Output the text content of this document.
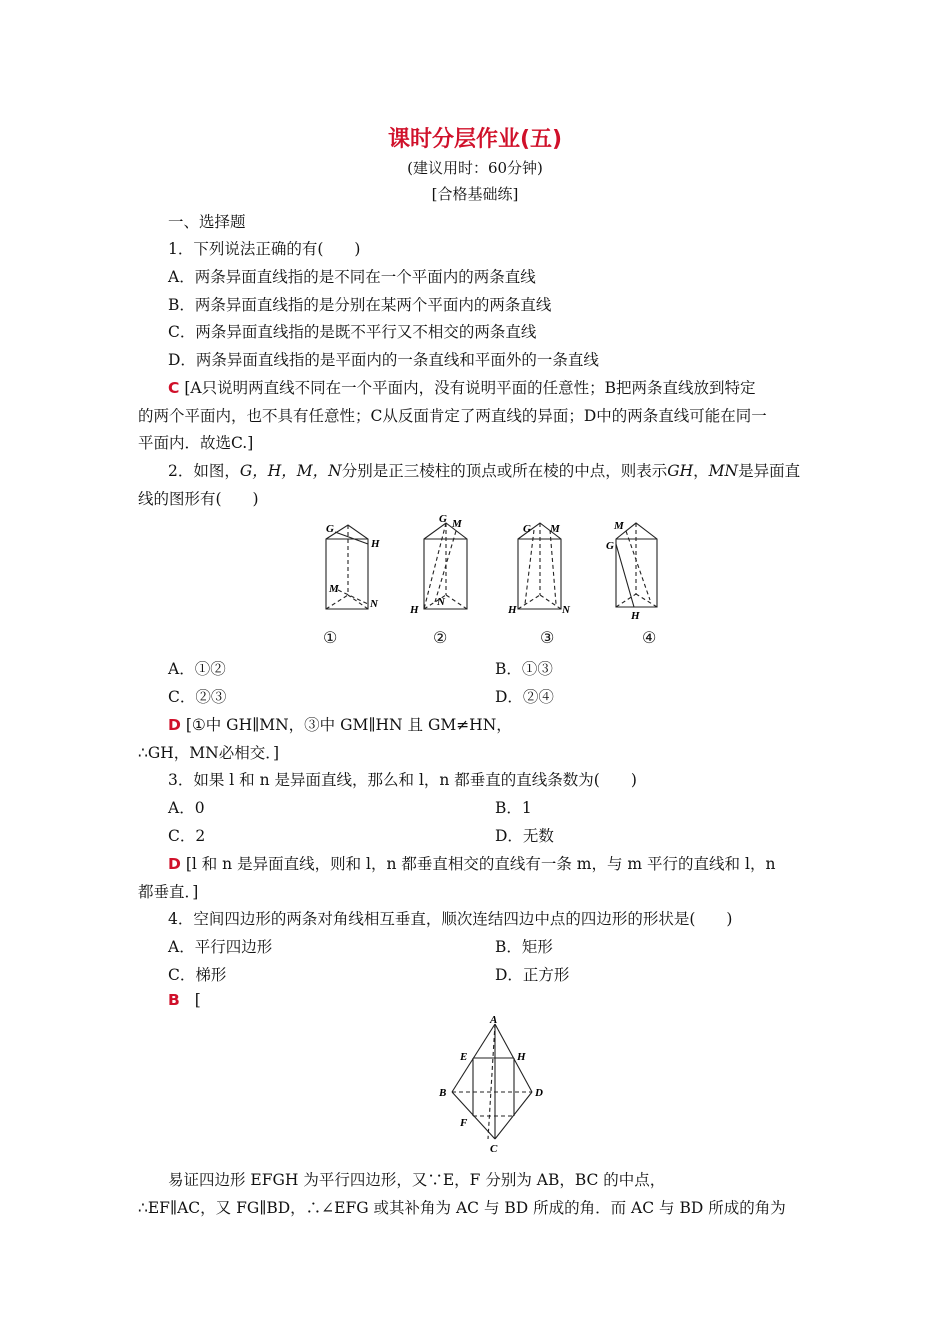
课时分层作业(五)
(建议用时：60分钟)
[合格基础练]
一、选择题
1．下列说法正确的有(　　)
A．两条异面直线指的是不同在一个平面内的两条直线
B．两条异面直线指的是分别在某两个平面内的两条直线
C．两条异面直线指的是既不平行又不相交的两条直线
D．两条异面直线指的是平面内的一条直线和平面外的一条直线
C [A只说明两直线不同在一个平面内，没有说明平面的任意性；B把两条直线放到特定
的两个平面内，也不具有任意性；C从反面肯定了两直线的异面；D中的两条直线可能在同一
平面内．故选C.]
2．如图，G，H，M，N分别是正三棱柱的顶点或所在棱的中点，则表示GH，MN是异面直
线的图形有(　　)
G
H
M
N
G M
H
N
G M
H	N
M
G
H
①	②	③	④
A．①②	B．①③
C．②③	D．②④
D [①中 GH∥MN，③中 GM∥HN 且 GM≠HN，
∴GH，MN必相交．]
3．如果 l 和 n 是异面直线，那么和 l，n 都垂直的直线条数为(　　)
A．0	B．1
C．2	D．无数
D [l 和 n 是异面直线，则和 l，n 都垂直相交的直线有一条 m，与 m 平行的直线和 l，n
都垂直．]
4．空间四边形的两条对角线相互垂直，顺次连结四边中点的四边形的形状是(　　)
A．平行四边形	B．矩形
C．梯形	D．正方形
B [
A
E	H
B	D
F
C
易证四边形 EFGH 为平行四边形，又∵E，F 分别为 AB，BC 的中点，
∴EF∥AC，又 FG∥BD，∴∠EFG 或其补角为 AC 与 BD 所成的角．而 AC 与 BD 所成的角为
